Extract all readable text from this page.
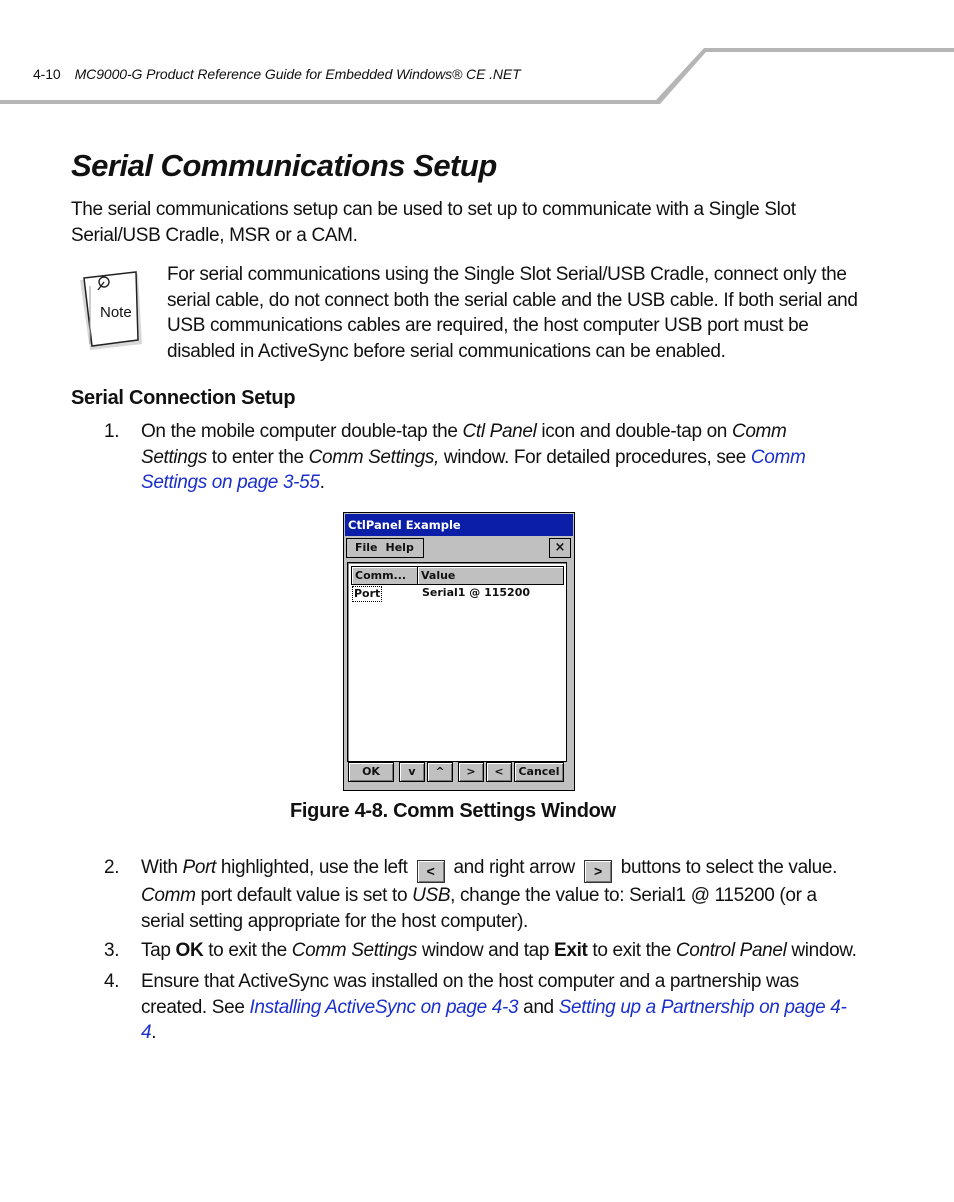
4-10 MC9000-G Product Reference Guide for Embedded Windows® CE .NET
Serial Communications Setup
The serial communications setup can be used to set up to communicate with a Single Slot Serial/USB Cradle, MSR or a CAM.
Note
For serial communications using the Single Slot Serial/USB Cradle, connect only the serial cable, do not connect both the serial cable and the USB cable. If both serial and USB communications cables are required, the host computer USB port must be disabled in ActiveSync before serial communications can be enabled.
Serial Connection Setup
1. On the mobile computer double-tap the Ctl Panel icon and double-tap on Comm Settings to enter the Comm Settings, window. For detailed procedures, see Comm Settings on page 3-55.
CtlPanel Example
File Help	×
Comm...	Value
Port	Serial1 @ 115200
OK	v	^	>	<	Cancel
Figure 4-8. Comm Settings Window
2. With Port highlighted, use the left < and right arrow > buttons to select the value. Comm port default value is set to USB, change the value to: Serial1 @ 115200 (or a serial setting appropriate for the host computer).
3. Tap OK to exit the Comm Settings window and tap Exit to exit the Control Panel window.
4. Ensure that ActiveSync was installed on the host computer and a partnership was created. See Installing ActiveSync on page 4-3 and Setting up a Partnership on page 4-4.
